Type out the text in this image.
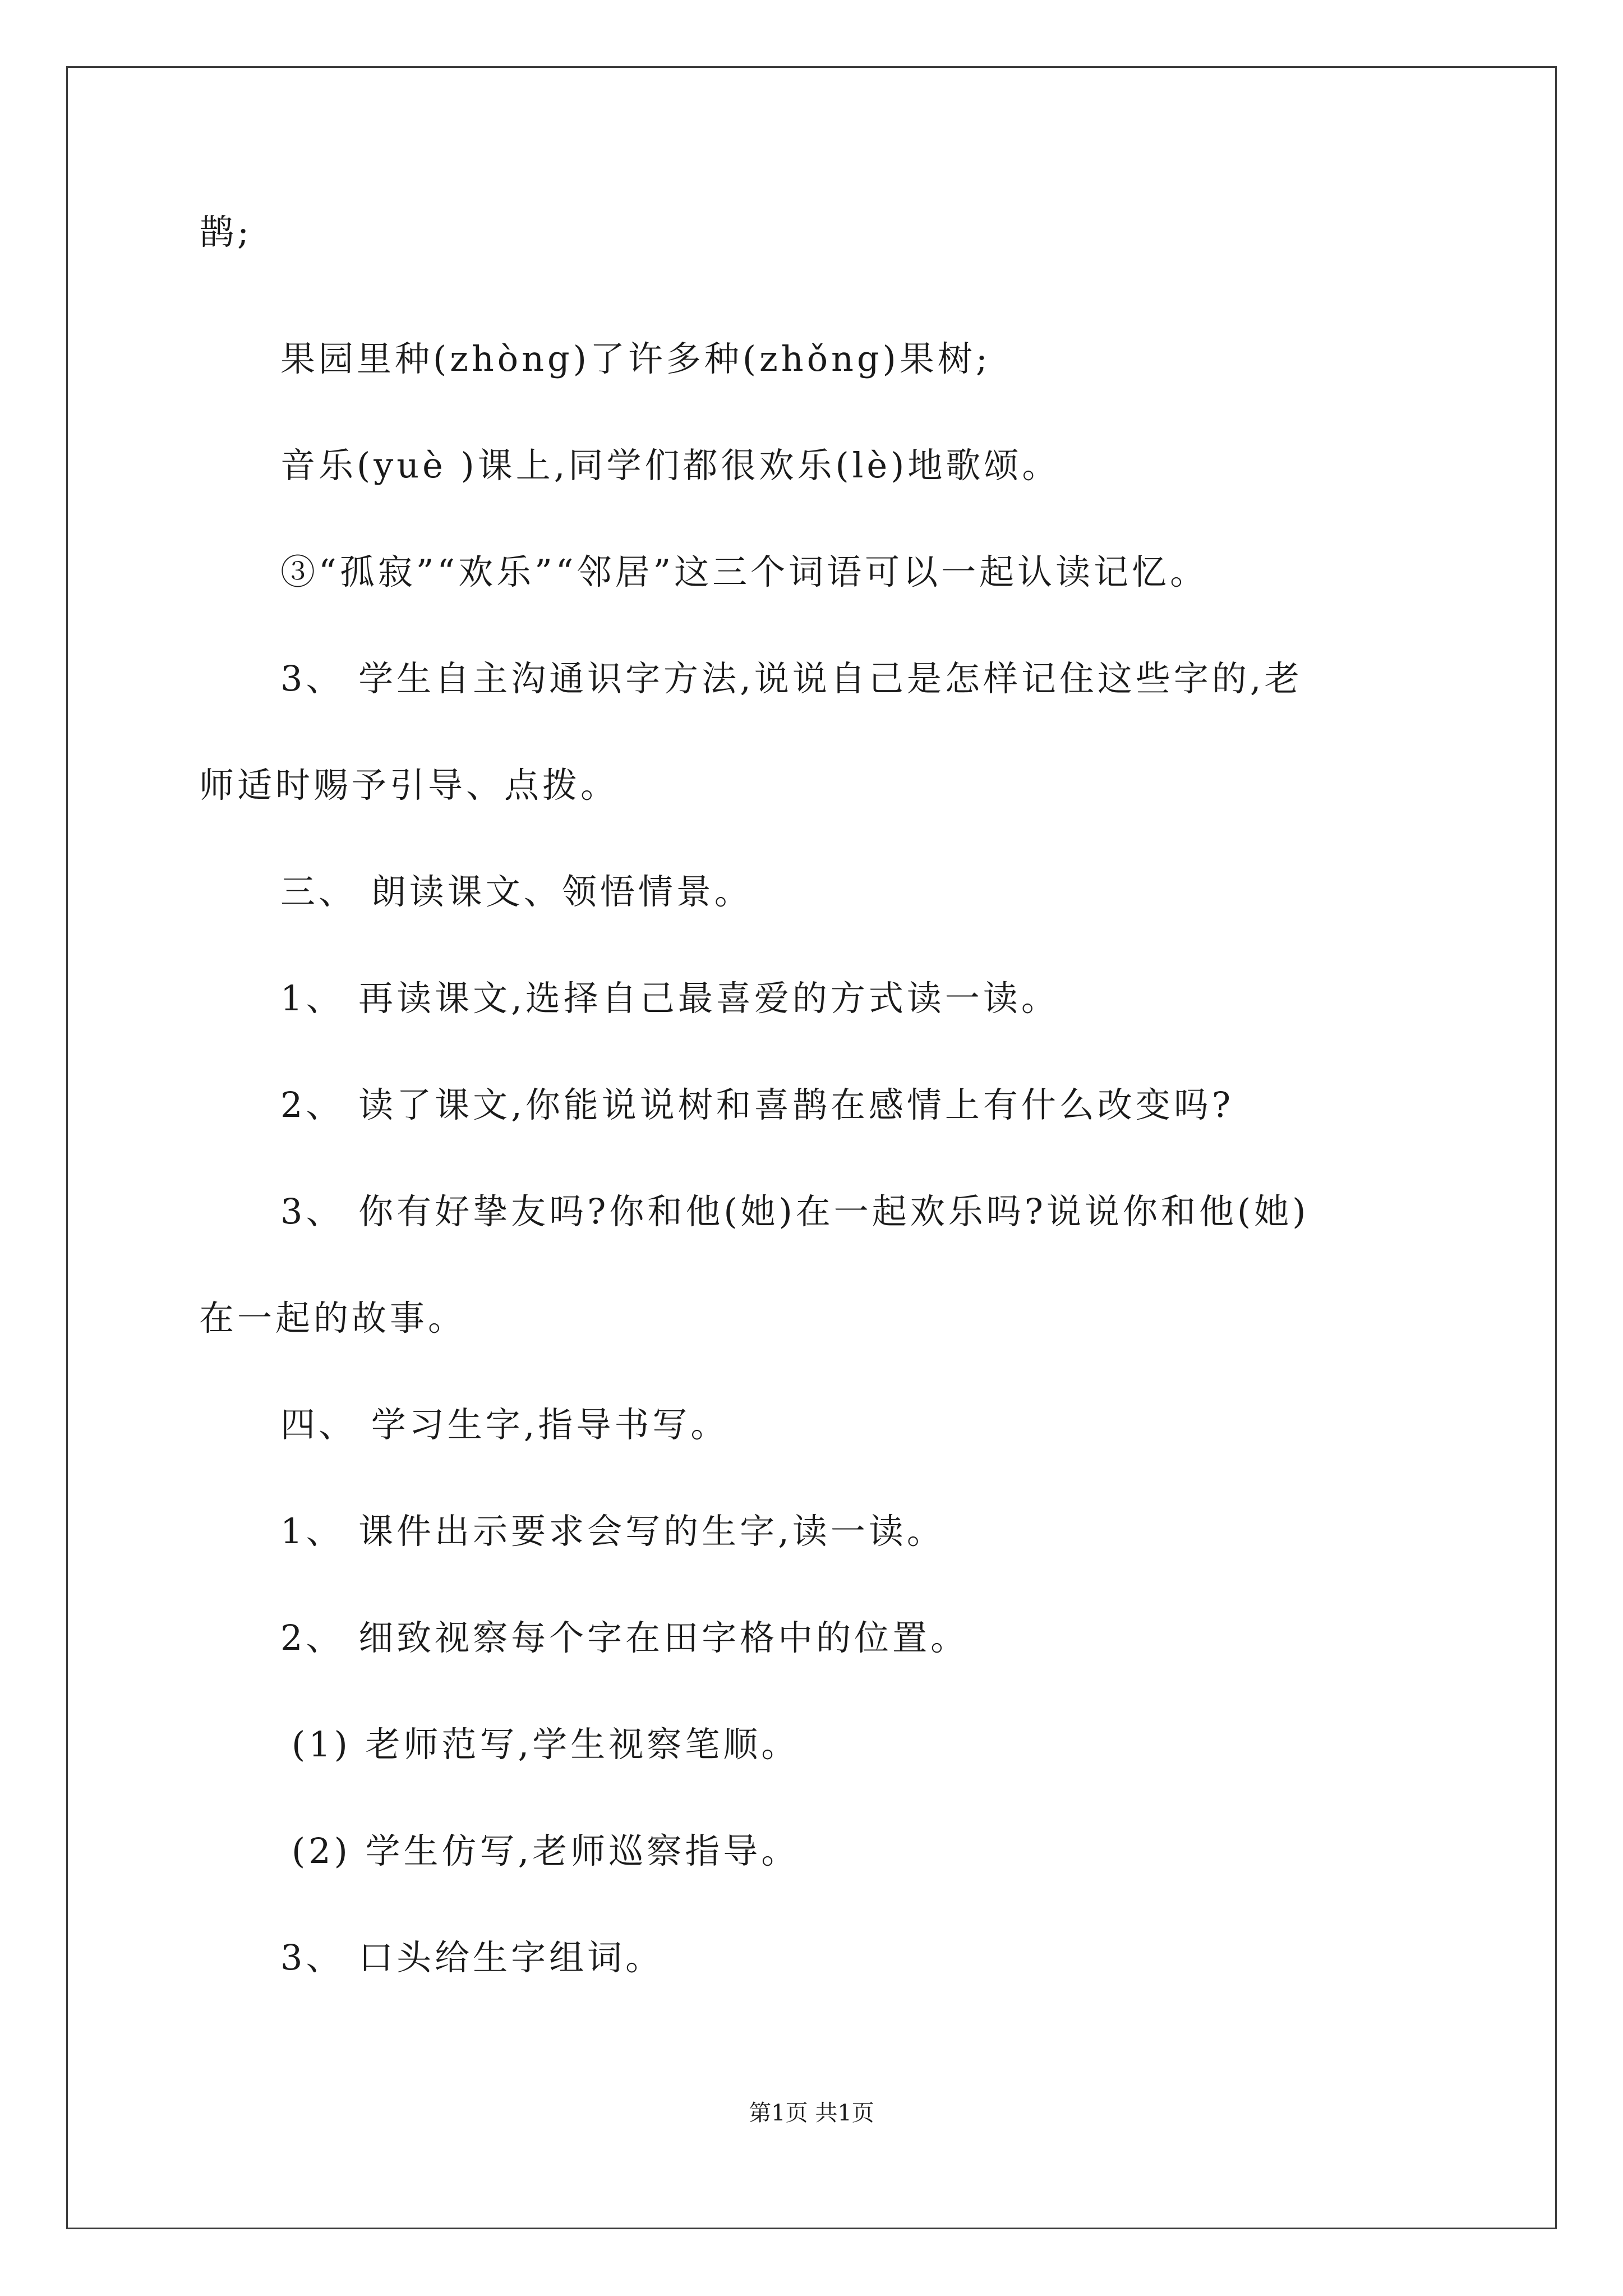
鹊;
果园里种(zhòng)了许多种(zhǒng)果树;
音乐(yuè )课上,同学们都很欢乐(lè)地歌颂。
③“孤寂”“欢乐”“邻居”这三个词语可以一起认读记忆。
3、 学生自主沟通识字方法,说说自己是怎样记住这些字的,老
师适时赐予引导、点拨。
三、 朗读课文、领悟情景。
1、 再读课文,选择自己最喜爱的方式读一读。
2、 读了课文,你能说说树和喜鹊在感情上有什么改变吗?
3、 你有好挚友吗?你和他(她)在一起欢乐吗?说说你和他(她)
在一起的故事。
四、 学习生字,指导书写。
1、 课件出示要求会写的生字,读一读。
2、 细致视察每个字在田字格中的位置。
(1) 老师范写,学生视察笔顺。
(2) 学生仿写,老师巡察指导。
3、 口头给生字组词。
第1页 共1页
